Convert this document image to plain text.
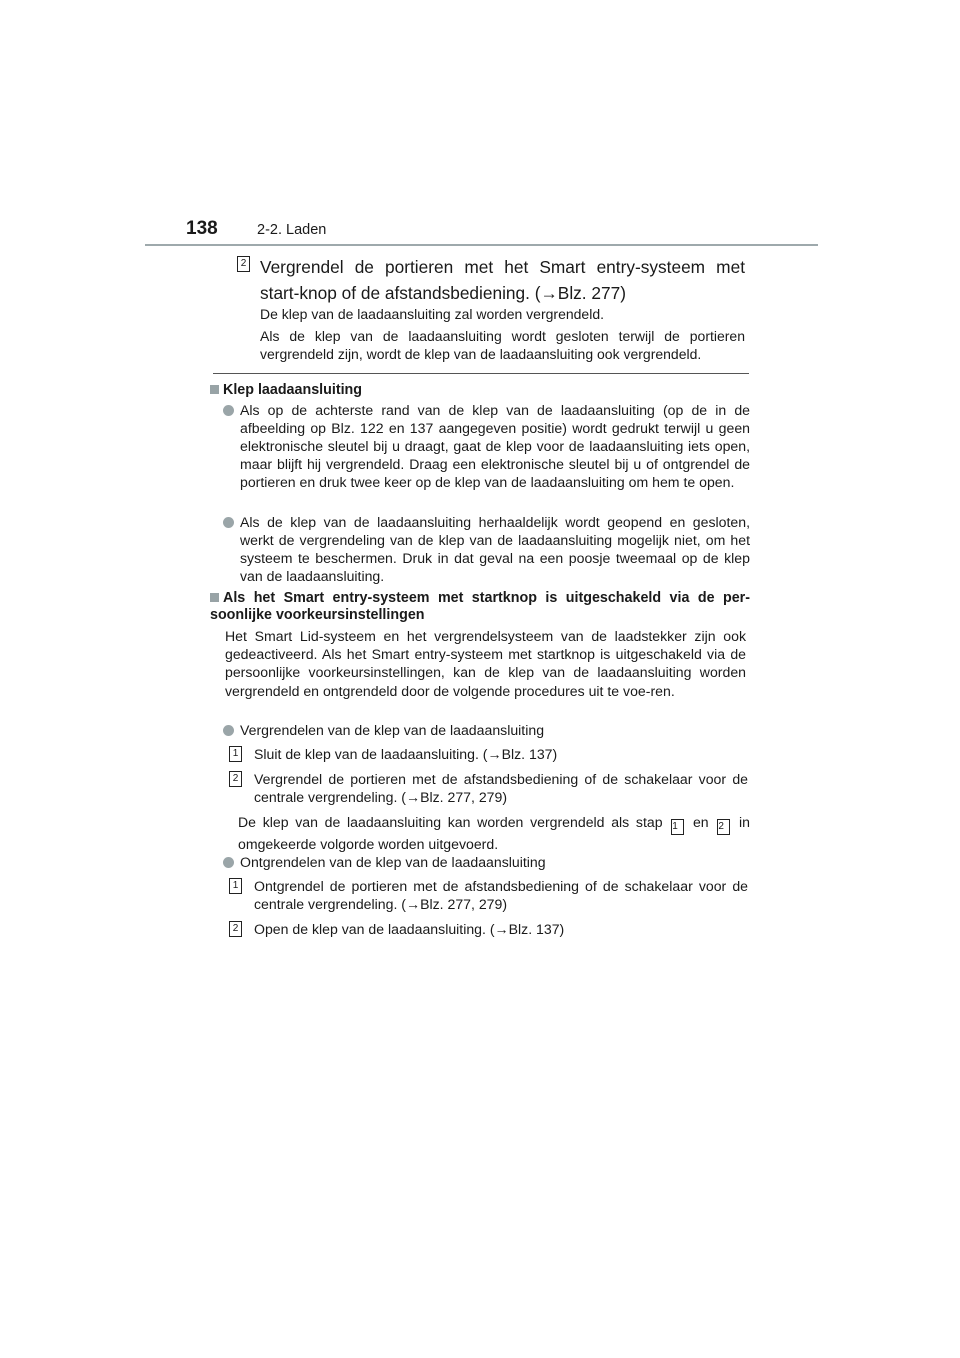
138	2-2. Laden
2 Vergrendel de portieren met het Smart entry-systeem met start-knop of de afstandsbediening. (→Blz. 277)
De klep van de laadaansluiting zal worden vergrendeld.
Als de klep van de laadaansluiting wordt gesloten terwijl de portieren vergrendeld zijn, wordt de klep van de laadaansluiting ook vergrendeld.
Klep laadaansluiting
Als op de achterste rand van de klep van de laadaansluiting (op de in de afbeelding op Blz. 122 en 137 aangegeven positie) wordt gedrukt terwijl u geen elektronische sleutel bij u draagt, gaat de klep voor de laadaansluiting iets open, maar blijft hij vergrendeld. Draag een elektronische sleutel bij u of ontgrendel de portieren en druk twee keer op de klep van de laadaansluiting om hem te open.
Als de klep van de laadaansluiting herhaaldelijk wordt geopend en gesloten, werkt de vergrendeling van de klep van de laadaansluiting mogelijk niet, om het systeem te beschermen. Druk in dat geval na een poosje tweemaal op de klep van de laadaansluiting.
Als het Smart entry-systeem met startknop is uitgeschakeld via de per-soonlijke voorkeursinstellingen
Het Smart Lid-systeem en het vergrendelsysteem van de laadstekker zijn ook gedeactiveerd. Als het Smart entry-systeem met startknop is uitgeschakeld via de persoonlijke voorkeursinstellingen, kan de klep van de laadaansluiting worden vergrendeld en ontgrendeld door de volgende procedures uit te voe-ren.
Vergrendelen van de klep van de laadaansluiting
1 Sluit de klep van de laadaansluiting. (→Blz. 137)
2 Vergrendel de portieren met de afstandsbediening of de schakelaar voor de centrale vergrendeling. (→Blz. 277, 279)
De klep van de laadaansluiting kan worden vergrendeld als stap 1 en 2 in omgekeerde volgorde worden uitgevoerd.
Ontgrendelen van de klep van de laadaansluiting
1 Ontgrendel de portieren met de afstandsbediening of de schakelaar voor de centrale vergrendeling. (→Blz. 277, 279)
2 Open de klep van de laadaansluiting. (→Blz. 137)
